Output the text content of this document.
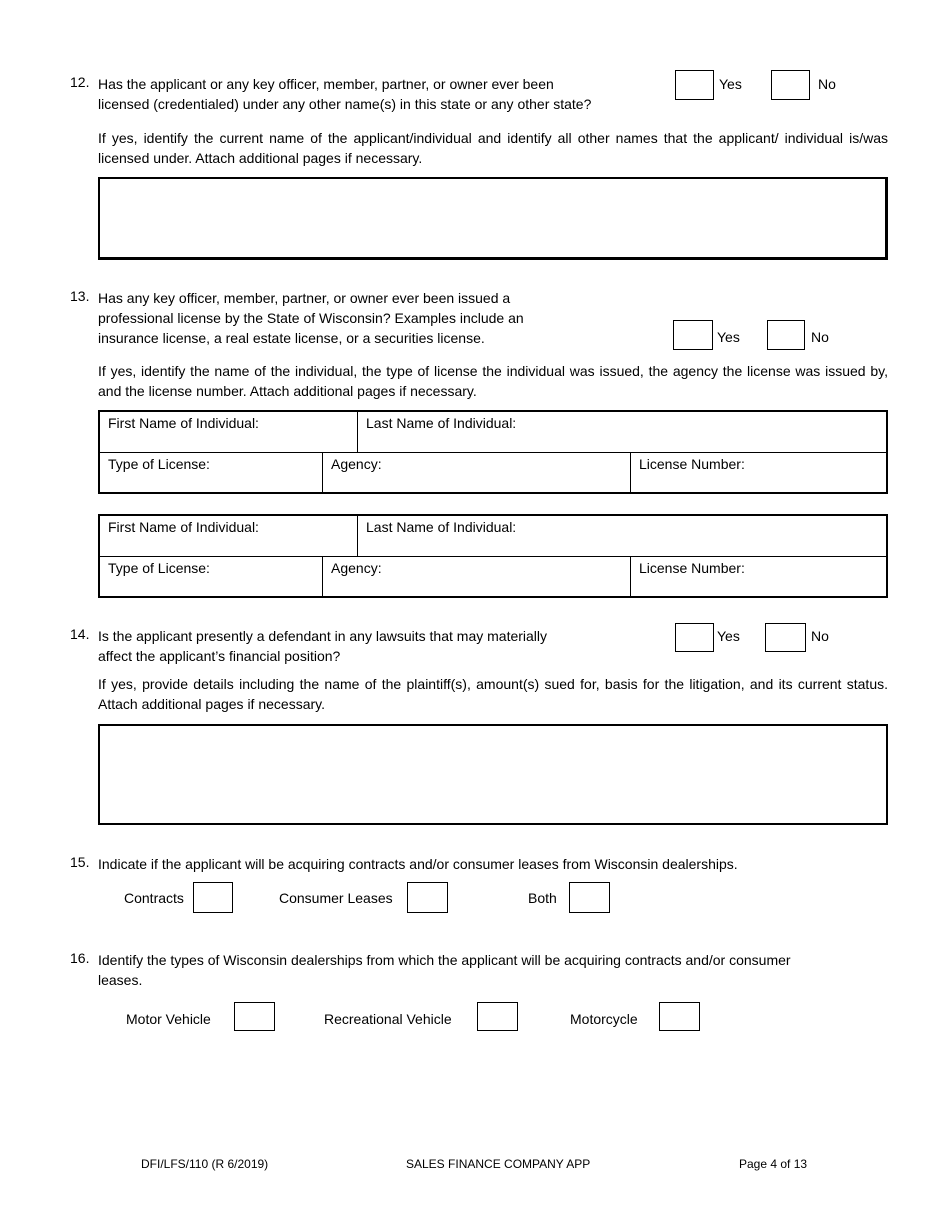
12. Has the applicant or any key officer, member, partner, or owner ever been
licensed (credentialed) under any other name(s) in this state or any other state?
Yes	No
If yes, identify the current name of the applicant/individual and identify all other names that the applicant/ individual is/was licensed under. Attach additional pages if necessary.
13. Has any key officer, member, partner, or owner ever been issued a
professional license by the State of Wisconsin? Examples include an
insurance license, a real estate license, or a securities license.	Yes	No
If yes, identify the name of the individual, the type of license the individual was issued, the agency the license was issued by, and the license number. Attach additional pages if necessary.
First Name of Individual:	Last Name of Individual:
Type of License:	Agency:	License Number:
First Name of Individual:	Last Name of Individual:
Type of License:	Agency:	License Number:
14. Is the applicant presently a defendant in any lawsuits that may materially
affect the applicant’s financial position?
Yes	No
If yes, provide details including the name of the plaintiff(s), amount(s) sued for, basis for the litigation, and its current status. Attach additional pages if necessary.
15. Indicate if the applicant will be acquiring contracts and/or consumer leases from Wisconsin dealerships.
Contracts	Consumer Leases	Both
16. Identify the types of Wisconsin dealerships from which the applicant will be acquiring contracts and/or consumer
leases.
Motor Vehicle	Recreational Vehicle	Motorcycle
DFI/LFS/110 (R 6/2019)	SALES FINANCE COMPANY APP	Page 4 of 13
